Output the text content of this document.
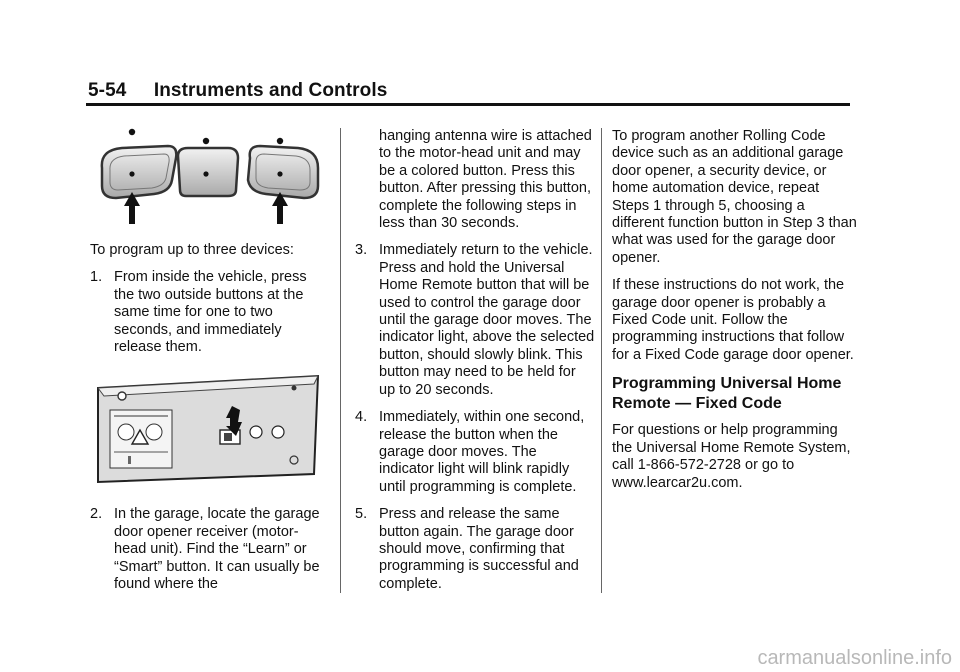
5-54 Instruments and Controls

To program up to three devices:

1. From inside the vehicle, press the two outside buttons at the same time for one to two seconds, and immediately release them.
2. In the garage, locate the garage door opener receiver (motor-head unit). Find the “Learn” or “Smart” button. It can usually be found where the

hanging antenna wire is attached to the motor-head unit and may be a colored button. Press this button. After pressing this button, complete the following steps in less than 30 seconds.

3. Immediately return to the vehicle. Press and hold the Universal Home Remote button that will be used to control the garage door until the garage door moves. The indicator light, above the selected button, should slowly blink. This button may need to be held for up to 20 seconds.
4. Immediately, within one second, release the button when the garage door moves. The indicator light will blink rapidly until programming is complete.
5. Press and release the same button again. The garage door should move, confirming that programming is successful and complete.

To program another Rolling Code device such as an additional garage door opener, a security device, or home automation device, repeat Steps 1 through 5, choosing a different function button in Step 3 than what was used for the garage door opener.

If these instructions do not work, the garage door opener is probably a Fixed Code unit. Follow the programming instructions that follow for a Fixed Code garage door opener.

Programming Universal Home Remote — Fixed Code

For questions or help programming the Universal Home Remote System, call 1-866-572-2728 or go to www.learcar2u.com.

carmanualsonline.info
